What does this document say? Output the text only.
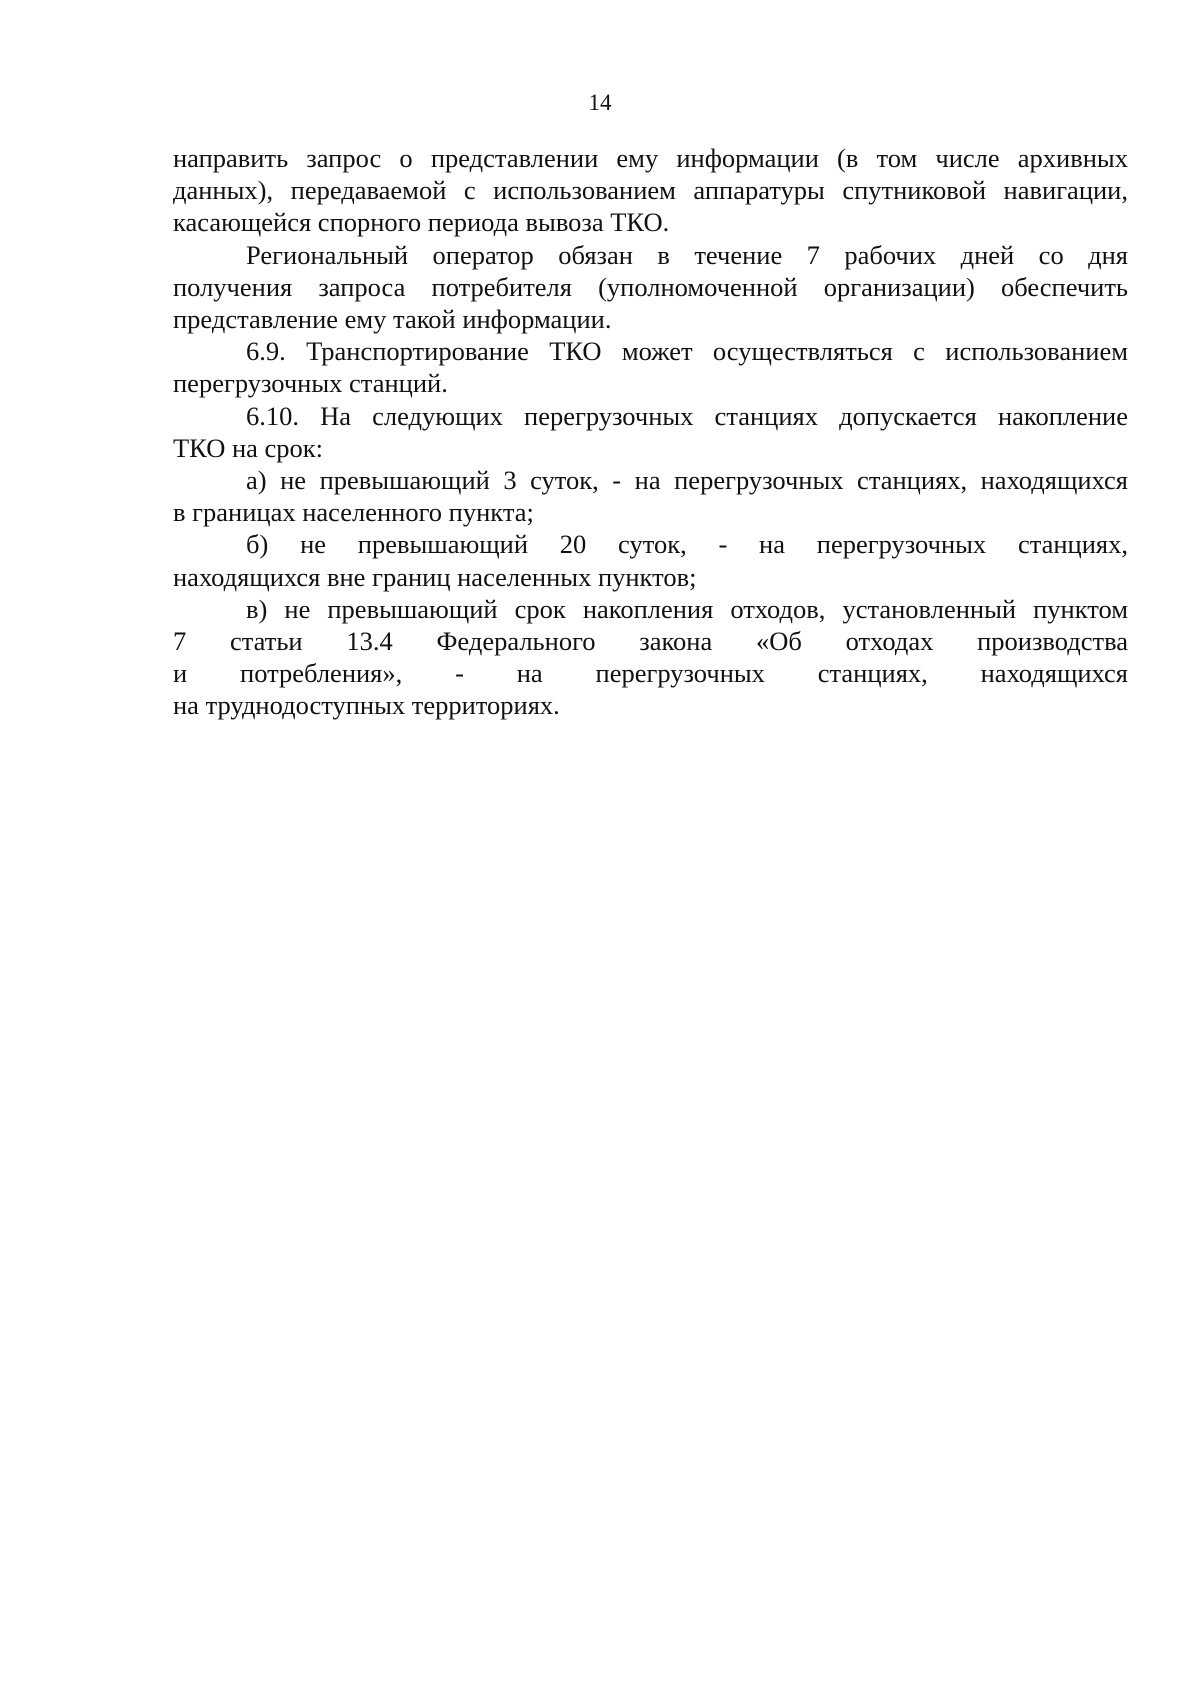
14
направить запрос о представлении ему информации (в том числе архивных
данных), передаваемой с использованием аппаратуры спутниковой навигации,
касающейся спорного периода вывоза ТКО.
Региональный оператор обязан в течение 7 рабочих дней со дня
получения запроса потребителя (уполномоченной организации) обеспечить
представление ему такой информации.
6.9. Транспортирование ТКО может осуществляться с использованием
перегрузочных станций.
6.10. На следующих перегрузочных станциях допускается накопление
ТКО на срок:
а) не превышающий 3 суток, - на перегрузочных станциях, находящихся
в границах населенного пункта;
б) не превышающий 20 суток, - на перегрузочных станциях,
находящихся вне границ населенных пунктов;
в) не превышающий срок накопления отходов, установленный пунктом
7 статьи 13.4 Федерального закона «Об отходах производства
и потребления», - на перегрузочных станциях, находящихся
на труднодоступных территориях.
